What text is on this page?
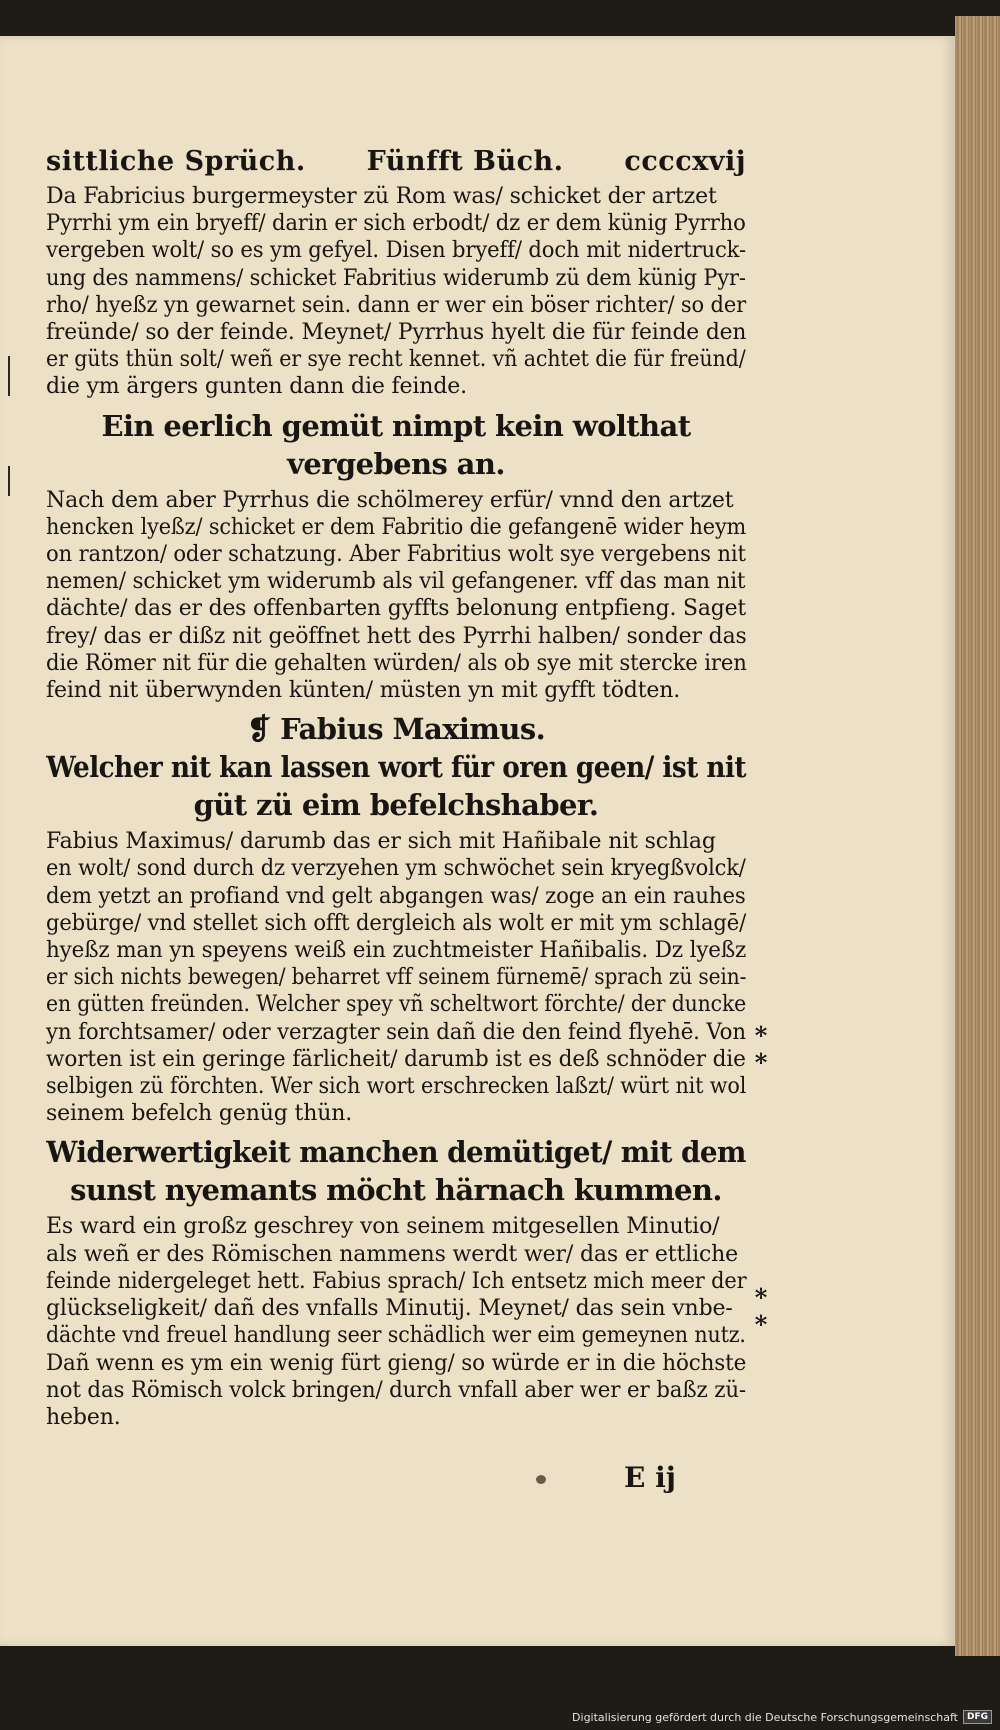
sittliche Sprüch. Fünfft Büch. ccccxvij
Da Fabricius burgermeyster zü Rom was/ schicket der artzet
Pyrrhi ym ein bryeff/ darin er sich erbodt/ dz er dem künig Pyrrho
vergeben wolt/ so es ym gefyel. Disen bryeff/ doch mit nidertruck-
ung des nammens/ schicket Fabritius widerumb zü dem künig Pyr-
rho/ hyeßz yn gewarnet sein. dann er wer ein böser richter/ so der
freünde/ so der feinde. Meynet/ Pyrrhus hyelt die für feinde den
er güts thün solt/ weñ er sye recht kennet. vñ achtet die für freünd/
die ym ärgers gunten dann die feinde.
Ein eerlich gemüt nimpt kein wolthat
vergebens an.
Nach dem aber Pyrrhus die schölmerey erfür/ vnnd den artzet
hencken lyeßz/ schicket er dem Fabritio die gefangenē wider heym
on rantzon/ oder schatzung. Aber Fabritius wolt sye vergebens nit
nemen/ schicket ym widerumb als vil gefangener. vff das man nit
dächte/ das er des offenbarten gyffts belonung entpfieng. Saget
frey/ das er dißz nit geöffnet hett des Pyrrhi halben/ sonder das
die Römer nit für die gehalten würden/ als ob sye mit stercke iren
feind nit überwynden künten/ müsten yn mit gyfft tödten.
❡ Fabius Maximus.
Welcher nit kan lassen wort für oren geen/ ist nit
güt zü eim befelchshaber.
Fabius Maximus/ darumb das er sich mit Hañibale nit schlag
en wolt/ sond durch dz verzyehen ym schwöchet sein kryegßvolck/
dem yetzt an profiand vnd gelt abgangen was/ zoge an ein rauhes
gebürge/ vnd stellet sich offt dergleich als wolt er mit ym schlagē/
hyeßz man yn speyens weiß ein zuchtmeister Hañibalis. Dz lyeßz
er sich nichts bewegen/ beharret vff seinem fürnemē/ sprach zü sein-
en gütten freünden. Welcher spey vñ scheltwort förchte/ der duncke
yn forchtsamer/ oder verzagter sein dañ die den feind flyehē. Von
worten ist ein geringe färlicheit/ darumb ist es deß schnöder die
selbigen zü förchten. Wer sich wort erschrecken laßzt/ würt nit wol
seinem befelch genüg thün.
Widerwertigkeit manchen demütiget/ mit dem
sunst nyemants möcht härnach kummen.
Es ward ein großz geschrey von seinem mitgesellen Minutio/
als weñ er des Römischen nammens werdt wer/ das er ettliche
feinde nidergeleget hett. Fabius sprach/ Ich entsetz mich meer der
glückseligkeit/ dañ des vnfalls Minutij. Meynet/ das sein vnbe-
dächte vnd freuel handlung seer schädlich wer eim gemeynen nutz.
Dañ wenn es ym ein wenig fürt gieng/ so würde er in die höchste
not das Römisch volck bringen/ durch vnfall aber wer er baßz zü-
heben.
*
*
*
*
E ij
Digitalisierung gefördert durch die Deutsche Forschungsgemeinschaft	DFG
